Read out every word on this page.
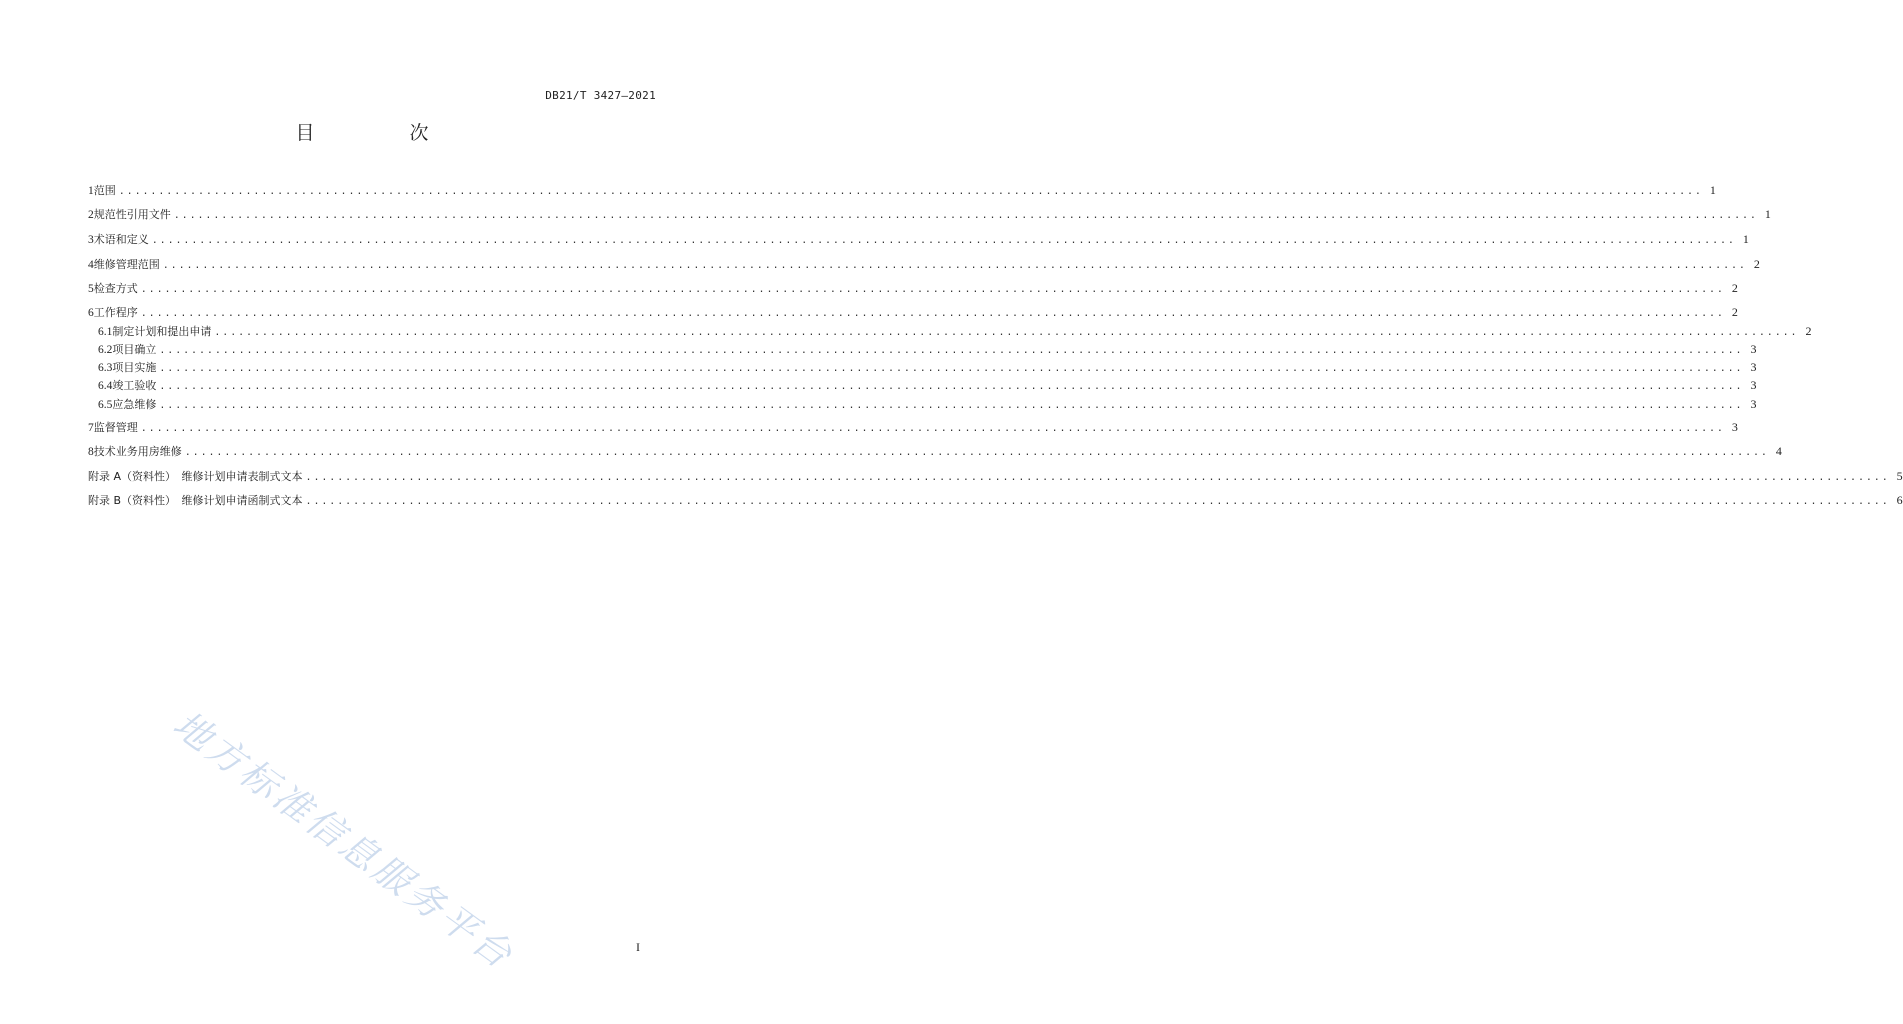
DB21/T 3427—2021
目　次
1 范围 ........................................................................................................................................................................................................ 1
2 规范性引用文件 ........................................................................................................................................................................................................ 1
3 术语和定义 ........................................................................................................................................................................................................ 1
4 维修管理范围 ........................................................................................................................................................................................................ 2
5 检查方式 ........................................................................................................................................................................................................ 2
6 工作程序 ........................................................................................................................................................................................................ 2
6.1 制定计划和提出申请 ........................................................................................................................................................................................................ 2
6.2 项目确立 ........................................................................................................................................................................................................ 3
6.3 项目实施 ........................................................................................................................................................................................................ 3
6.4 竣工验收 ........................................................................................................................................................................................................ 3
6.5 应急维修 ........................................................................................................................................................................................................ 3
7 监督管理 ........................................................................................................................................................................................................ 3
8 技术业务用房维修 ........................................................................................................................................................................................................ 4
附录 A（资料性）　维修计划申请表制式文本 ........................................................................................................................................................................................................ 5
附录 B（资料性）　维修计划申请函制式文本 ........................................................................................................................................................................................................ 6
地方标准信息服务平台	I
